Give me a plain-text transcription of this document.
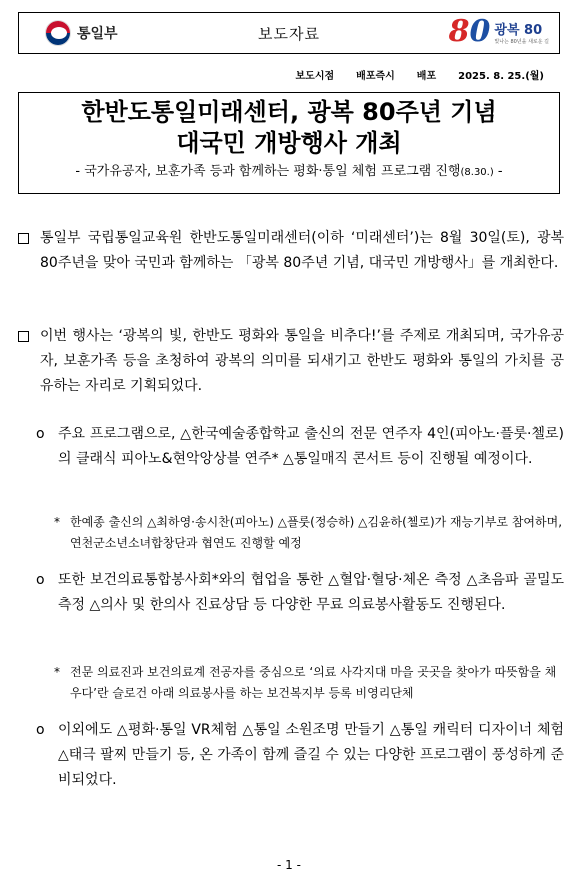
통일부	보도자료	80 광복 80
빛나는 80년을 새로운 길
보도시점 배포즉시 배포 2025. 8. 25.(월)
한반도통일미래센터, 광복 80주년 기념
대국민 개방행사 개최
- 국가유공자, 보훈가족 등과 함께하는 평화·통일 체험 프로그램 진행(8.30.) -
통일부 국립통일교육원 한반도통일미래센터(이하 ‘미래센터’)는 8월 30일(토), 광복 80주년을 맞아 국민과 함께하는 「광복 80주년 기념, 대국민 개방행사」를 개최한다.
이번 행사는 ‘광복의 빛, 한반도 평화와 통일을 비추다!’를 주제로 개최되며, 국가유공자, 보훈가족 등을 초청하여 광복의 의미를 되새기고 한반도 평화와 통일의 가치를 공유하는 자리로 기획되었다.
o 주요 프로그램으로, △한국예술종합학교 출신의 전문 연주자 4인(피아노·플룻·첼로)의 클래식 피아노&현악앙상블 연주* △통일매직 콘서트 등이 진행될 예정이다.
* 한예종 출신의 △최하영·송시찬(피아노) △플룻(정승하) △김윤하(첼로)가 재능기부로 참여하며, 연천군소년소녀합창단과 협연도 진행할 예정
o 또한 보건의료통합봉사회*와의 협업을 통한 △혈압·혈당·체온 측정 △초음파 골밀도 측정 △의사 및 한의사 진료상담 등 다양한 무료 의료봉사활동도 진행된다.
* 전문 의료진과 보건의료계 전공자를 중심으로 ‘의료 사각지대 마을 곳곳을 찾아가 따뜻함을 채우다’란 슬로건 아래 의료봉사를 하는 보건복지부 등록 비영리단체
o 이외에도 △평화·통일 VR체험 △통일 소원조명 만들기 △통일 캐릭터 디자이너 체험 △태극 팔찌 만들기 등, 온 가족이 함께 즐길 수 있는 다양한 프로그램이 풍성하게 준비되었다.
- 1 -
